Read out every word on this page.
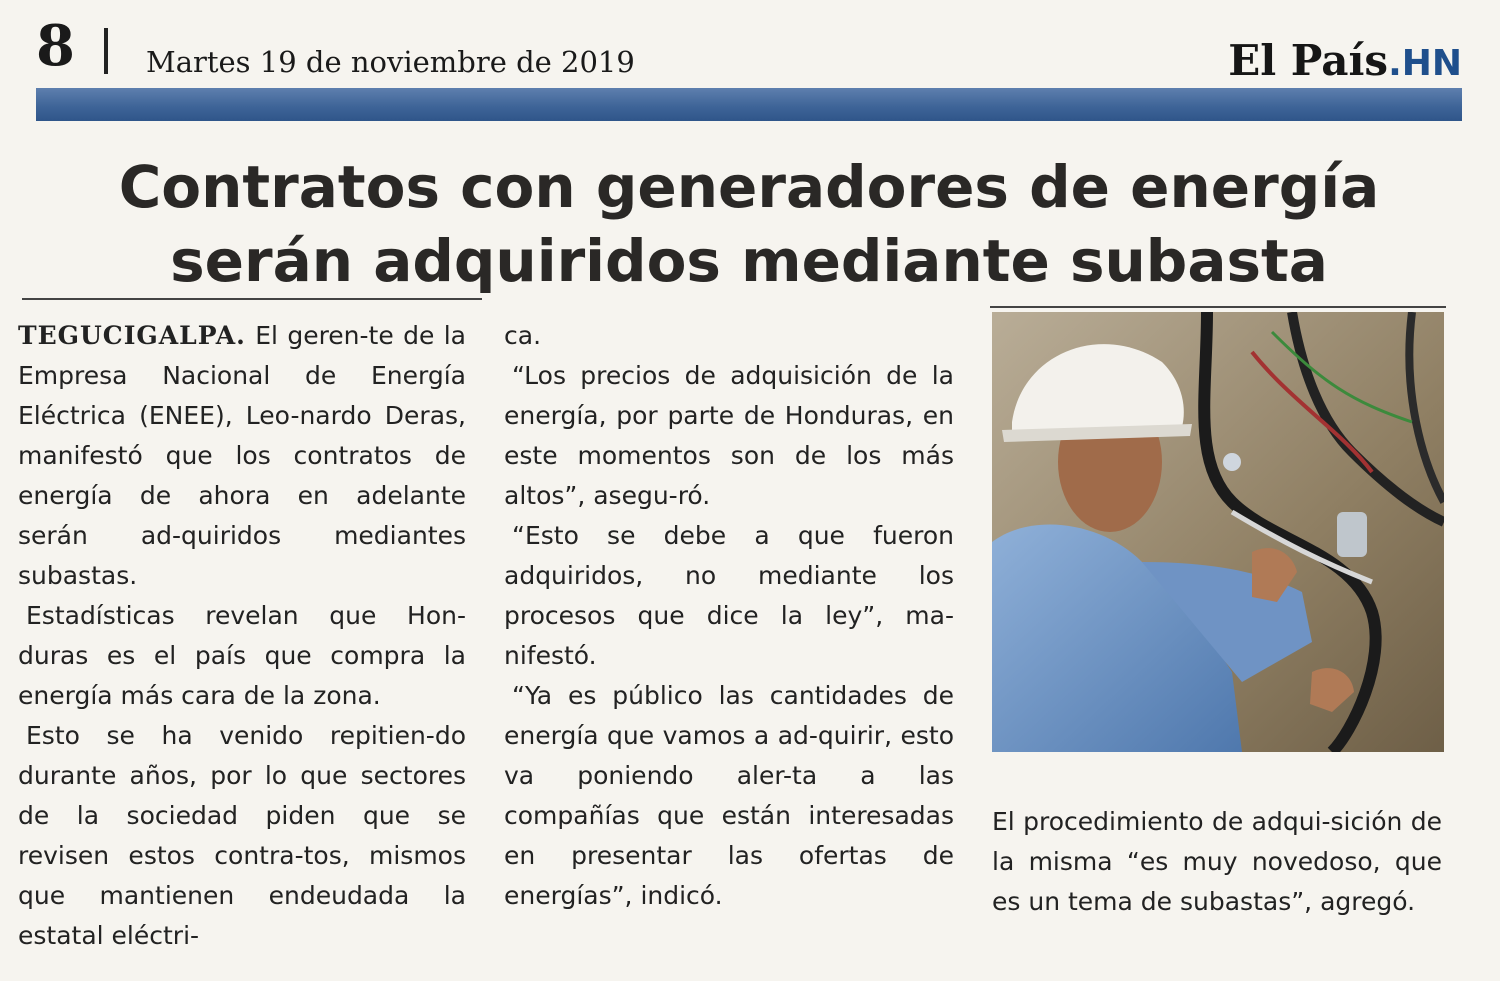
8 Martes 19 de noviembre de 2019	El País.HN
Contratos con generadores de energía
serán adquiridos mediante subasta

TEGUCIGALPA. El geren-te de la Empresa Nacional de Energía Eléctrica (ENEE), Leo-nardo Deras, manifestó que los contratos de energía de ahora en adelante serán ad-quiridos mediantes subastas.

Estadísticas revelan que Hon-duras es el país que compra la energía más cara de la zona.

Esto se ha venido repitien-do durante años, por lo que sectores de la sociedad piden que se revisen estos contra-tos, mismos que mantienen endeudada la estatal eléctri-

ca.

“Los precios de adquisición de la energía, por parte de Honduras, en este momentos son de los más altos”, asegu-ró.

“Esto se debe a que fueron adquiridos, no mediante los procesos que dice la ley”, ma-nifestó.

“Ya es público las cantidades de energía que vamos a ad-quirir, esto va poniendo aler-ta a las compañías que están interesadas en presentar las ofertas de energías”, indicó.

El procedimiento de adqui-sición de la misma “es muy novedoso, que es un tema de subastas”, agregó.
